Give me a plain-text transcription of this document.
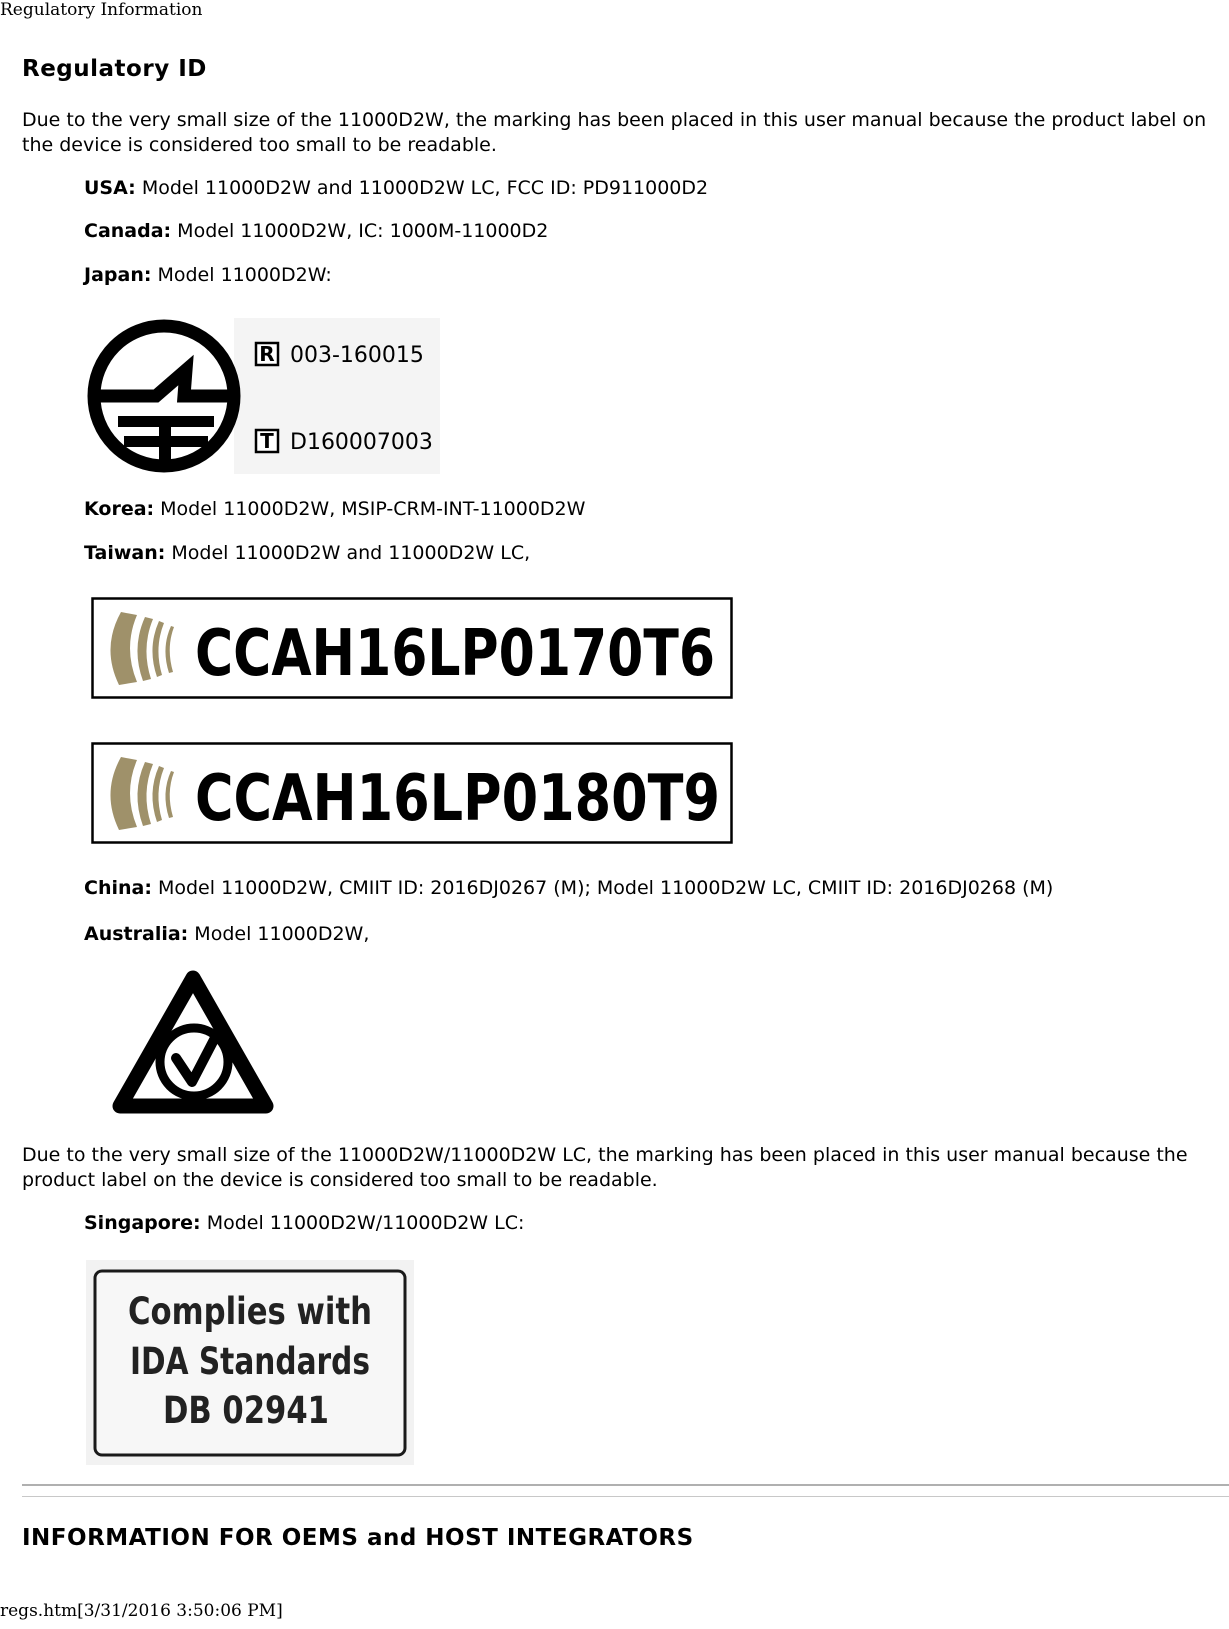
Regulatory Information
Regulatory ID
Due to the very small size of the 11000D2W, the marking has been placed in this user manual because the product label on the device is considered too small to be readable.
USA: Model 11000D2W and 11000D2W LC, FCC ID: PD911000D2
Canada: Model 11000D2W, IC: 1000M-11000D2
Japan: Model 11000D2W:
R 003-160015
T D160007003
Korea: Model 11000D2W, MSIP-CRM-INT-11000D2W
Taiwan: Model 11000D2W and 11000D2W LC,
CCAH16LP0170T6
CCAH16LP0180T9
China: Model 11000D2W, CMIIT ID: 2016DJ0267 (M); Model 11000D2W LC, CMIIT ID: 2016DJ0268 (M)
Australia: Model 11000D2W,
Due to the very small size of the 11000D2W/11000D2W LC, the marking has been placed in this user manual because the product label on the device is considered too small to be readable.
Singapore: Model 11000D2W/11000D2W LC:
Complies with
IDA Standards
DB 02941
INFORMATION FOR OEMS and HOST INTEGRATORS
regs.htm[3/31/2016 3:50:06 PM]
